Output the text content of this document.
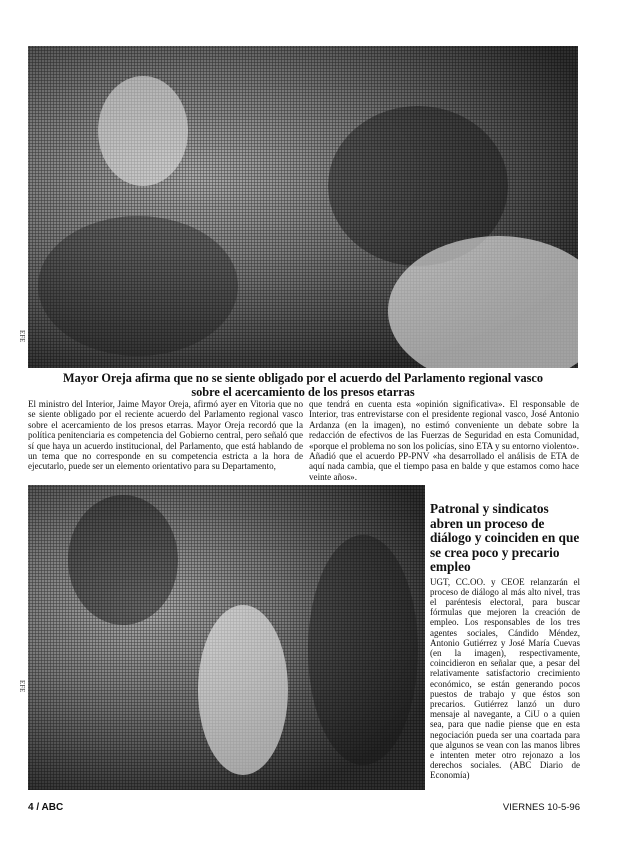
EFE
Mayor Oreja afirma que no se siente obligado por el acuerdo del Parlamento regional vasco
sobre el acercamiento de los presos etarras
El ministro del Interior, Jaime Mayor Oreja, afirmó ayer en Vitoria que no se siente obligado por el reciente acuerdo del Parlamento regional vasco sobre el acercamiento de los presos etarras. Mayor Oreja recordó que la política penitenciaria es competencia del Gobierno central, pero señaló que sí que haya un acuerdo institucional, del Parlamento, que está hablando de un tema que no corresponde en su competencia estricta a la hora de ejecutarlo, puede ser un elemento orientativo para su Departamento,
que tendrá en cuenta esta «opinión significativa». El responsable de Interior, tras entrevistarse con el presidente regional vasco, José Antonio Ardanza (en la imagen), no estimó conveniente un debate sobre la redacción de efectivos de las Fuerzas de Seguridad en esta Comunidad, «porque el problema no son los policías, sino ETA y su entorno violento». Añadió que el acuerdo PP-PNV «ha desarrollado el análisis de ETA de aquí nada cambia, que el tiempo pasa en balde y que estamos como hace veinte años».
EFE
Patronal y sindicatos abren un proceso de diálogo y coinciden en que se crea poco y precario empleo
UGT, CC.OO. y CEOE relanzarán el proceso de diálogo al más alto nivel, tras el paréntesis electoral, para buscar fórmulas que mejoren la creación de empleo. Los responsables de los tres agentes sociales, Cándido Méndez, Antonio Gutiérrez y José María Cuevas (en la imagen), respectivamente, coincidieron en señalar que, a pesar del relativamente satisfactorio crecimiento económico, se están generando pocos puestos de trabajo y que éstos son precarios. Gutiérrez lanzó un duro mensaje al navegante, a CiU o a quien sea, para que nadie piense que en esta negociación pueda ser una coartada para que algunos se vean con las manos libres e intenten meter otro rejonazo a los derechos sociales. (ABC Diario de Economía)
4 / ABC	VIERNES 10-5-96
